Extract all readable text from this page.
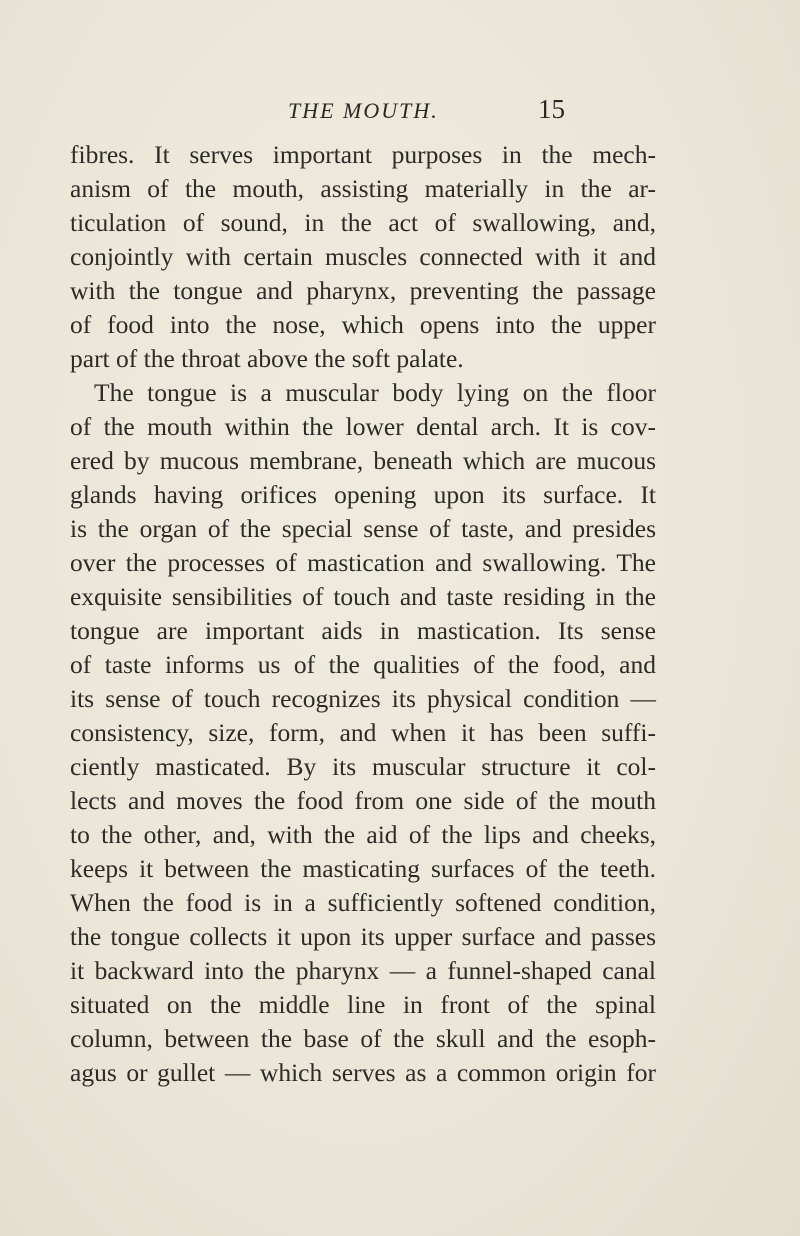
THE MOUTH.	15
fibres. It serves important purposes in the mech-
anism of the mouth, assisting materially in the ar-
ticulation of sound, in the act of swallowing, and,
conjointly with certain muscles connected with it and
with the tongue and pharynx, preventing the passage
of food into the nose, which opens into the upper
part of the throat above the soft palate.
The tongue is a muscular body lying on the floor
of the mouth within the lower dental arch. It is cov-
ered by mucous membrane, beneath which are mucous
glands having orifices opening upon its surface. It
is the organ of the special sense of taste, and presides
over the processes of mastication and swallowing. The
exquisite sensibilities of touch and taste residing in the
tongue are important aids in mastication. Its sense
of taste informs us of the qualities of the food, and
its sense of touch recognizes its physical condition —
consistency, size, form, and when it has been suffi-
ciently masticated. By its muscular structure it col-
lects and moves the food from one side of the mouth
to the other, and, with the aid of the lips and cheeks,
keeps it between the masticating surfaces of the teeth.
When the food is in a sufficiently softened condition,
the tongue collects it upon its upper surface and passes
it backward into the pharynx — a funnel-shaped canal
situated on the middle line in front of the spinal
column, between the base of the skull and the esoph-
agus or gullet — which serves as a common origin for
